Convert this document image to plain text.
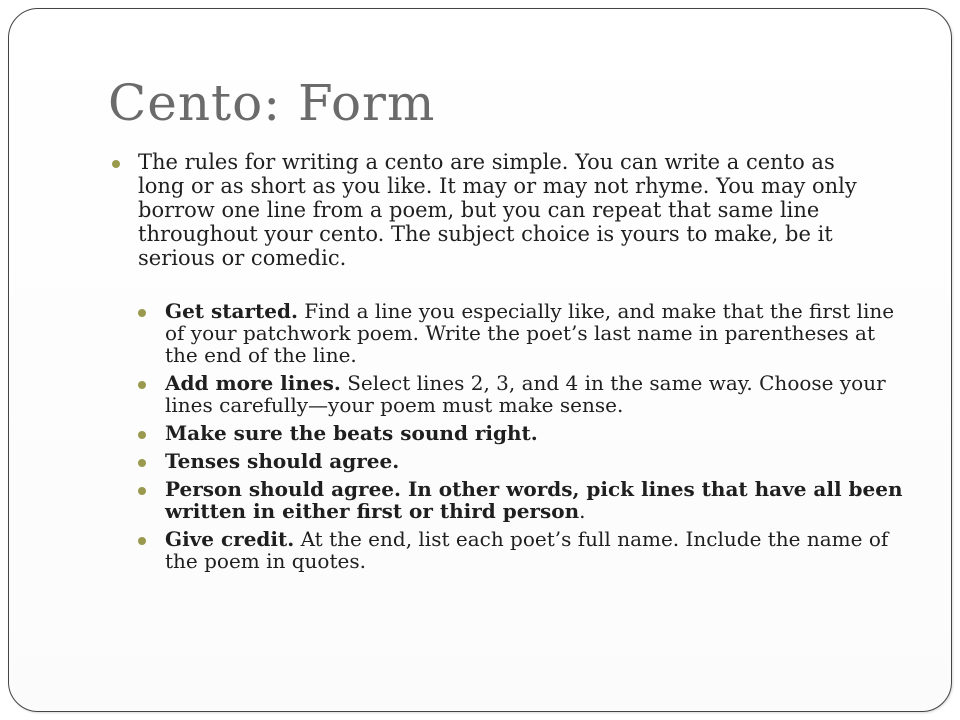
Cento: Form
The rules for writing a cento are simple. You can write a cento as long or as short as you like. It may or may not rhyme. You may only borrow one line from a poem, but you can repeat that same line throughout your cento. The subject choice is yours to make, be it serious or comedic.
Get started. Find a line you especially like, and make that the first line of your patchwork poem. Write the poet’s last name in parentheses at the end of the line.
Add more lines. Select lines 2, 3, and 4 in the same way. Choose your lines carefully—your poem must make sense.
Make sure the beats sound right.
Tenses should agree.
Person should agree. In other words, pick lines that have all been written in either first or third person.
Give credit. At the end, list each poet’s full name. Include the name of the poem in quotes.
